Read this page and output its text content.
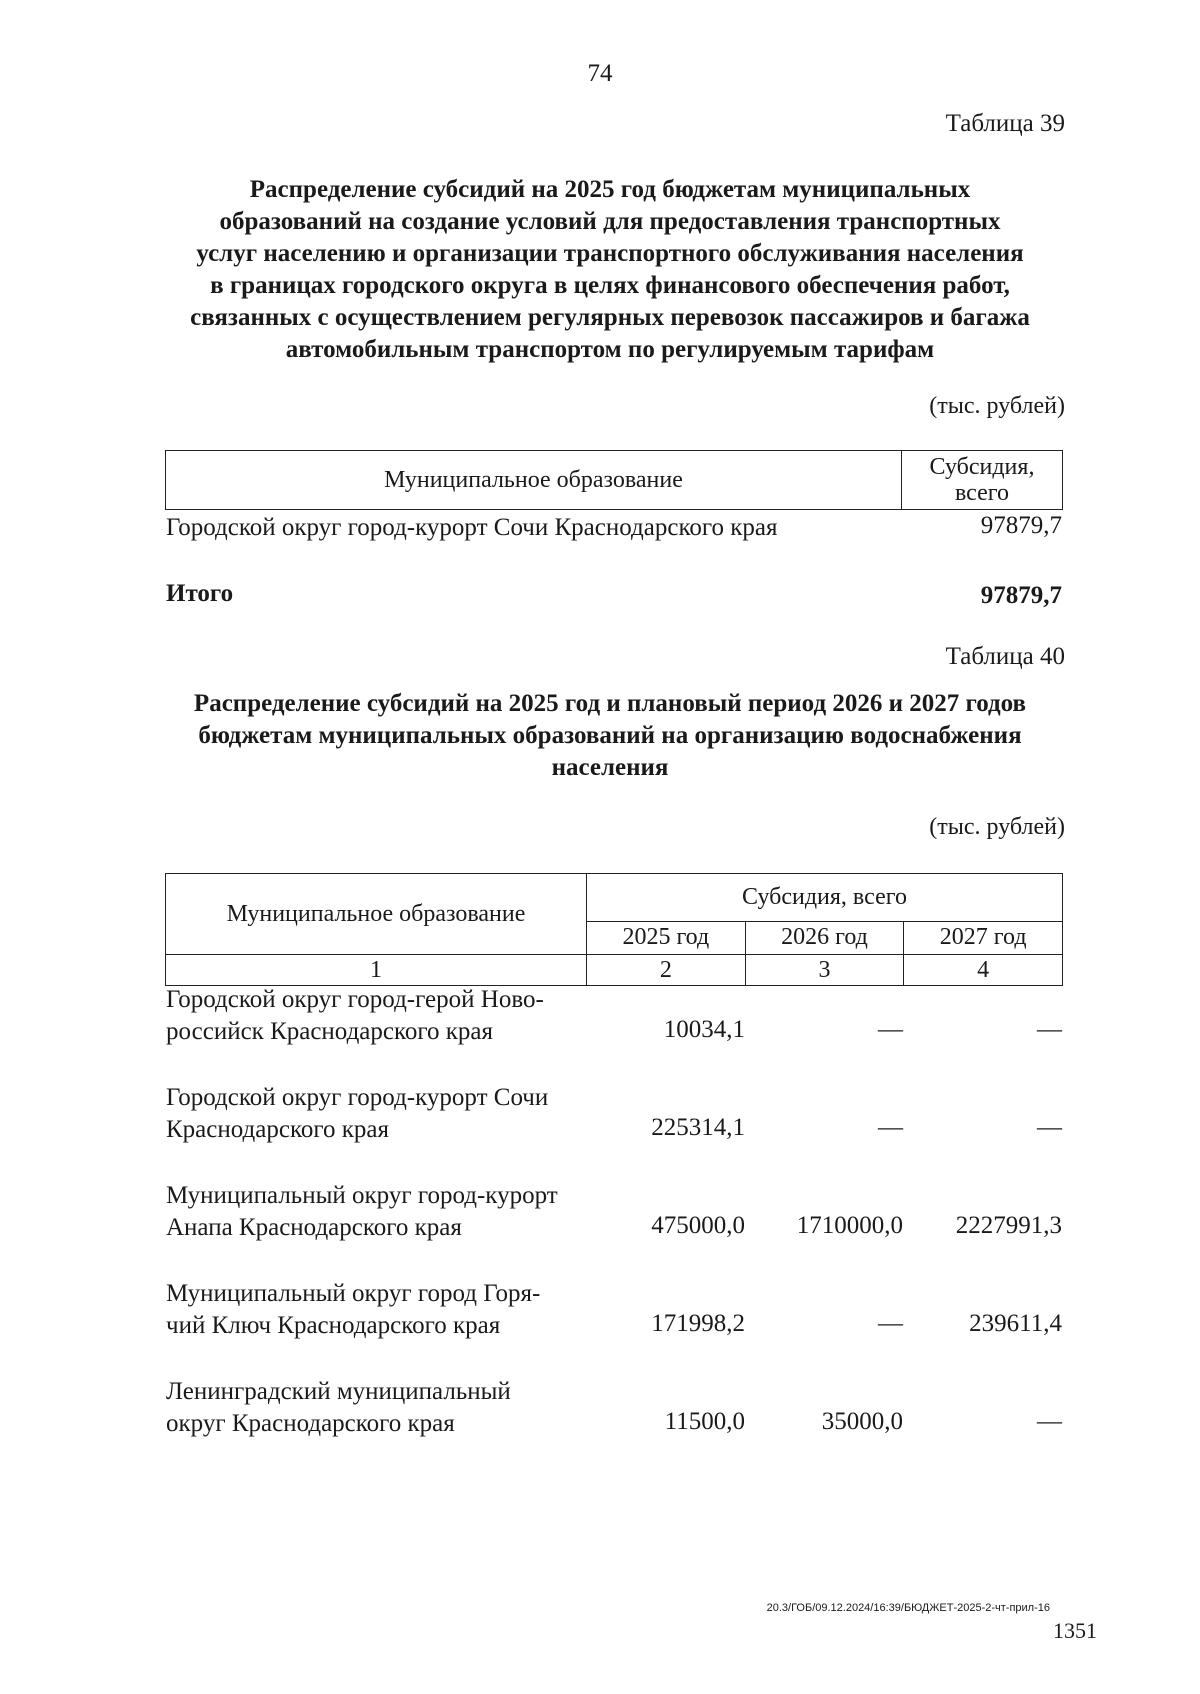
74
Таблица 39
Распределение субсидий на 2025 год бюджетам муниципальных
образований на создание условий для предоставления транспортных
услуг населению и организации транспортного обслуживания населения
в границах городского округа в целях финансового обеспечения работ,
связанных с осуществлением регулярных перевозок пассажиров и багажа
автомобильным транспортом по регулируемым тарифам
(тыс. рублей)
Муниципальное образование	Субсидия,
всего
Городской округ город-курорт Сочи Краснодарского края	97879,7
Итого	97879,7
Таблица 40
Распределение субсидий на 2025 год и плановый период 2026 и 2027 годов
бюджетам муниципальных образований на организацию водоснабжения
населения
(тыс. рублей)
Муниципальное образование	Субсидия, всего		
	2025 год	2026 год	2027 год
1	2	3	4
Городской округ город-герой Ново-
российск Краснодарского края	10034,1	—	—
Городской округ город-курорт Сочи
Краснодарского края	225314,1	—	—
Муниципальный округ город-курорт
Анапа Краснодарского края	475000,0 1710000,0 2227991,3
Муниципальный округ город Горя-
чий Ключ Краснодарского края	171998,2	—	239611,4
Ленинградский муниципальный
округ Краснодарского края	11500,0	35000,0	—
20.3/ГОБ/09.12.2024/16:39/БЮДЖЕТ-2025-2-чт-прил-16
1351
